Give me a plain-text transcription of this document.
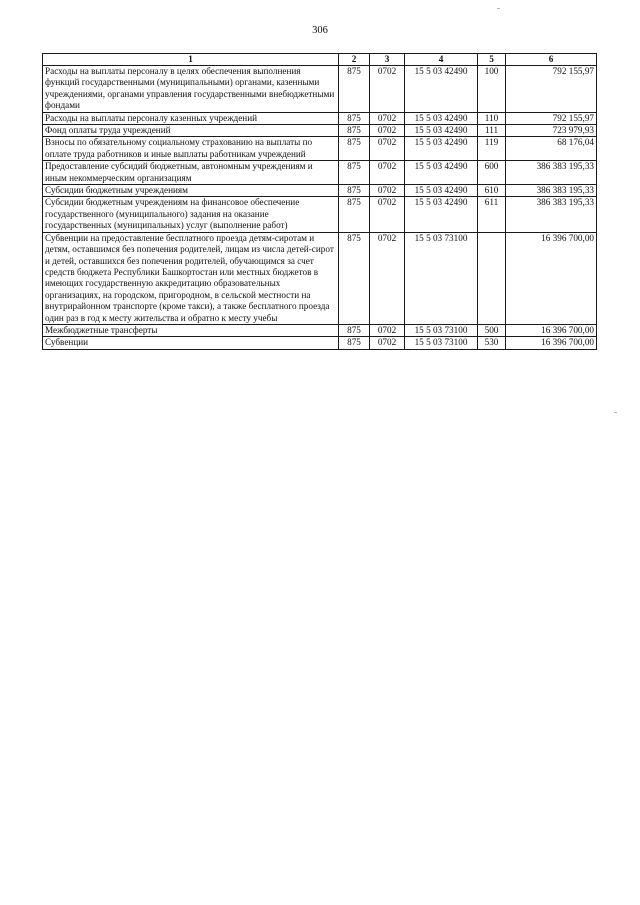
306
1	2	3	4	5	6
Расходы на выплаты персоналу в целях обеспечения выполнения функций государственными (муниципальными) органами, казенными учреждениями, органами управления государственными внебюджетными фондами	875	0702	15 5 03 42490	100	792 155,97
Расходы на выплаты персоналу казенных учреждений	875	0702	15 5 03 42490	110	792 155,97
Фонд оплаты труда учреждений	875	0702	15 5 03 42490	111	723 979,93
Взносы по обязательному социальному страхованию на выплаты по оплате труда работников и иные выплаты работникам учреждений	875	0702	15 5 03 42490	119	68 176,04
Предоставление субсидий бюджетным, автономным учреждениям и иным некоммерческим организациям	875	0702	15 5 03 42490	600	386 383 195,33
Субсидии бюджетным учреждениям	875	0702	15 5 03 42490	610	386 383 195,33
Субсидии бюджетным учреждениям на финансовое обеспечение государственного (муниципального) задания на оказание государственных (муниципальных) услуг (выполнение работ)	875	0702	15 5 03 42490	611	386 383 195,33
Субвенции на предоставление бесплатного проезда детям-сиротам и детям, оставшимся без попечения родителей, лицам из числа детей-сирот и детей, оставшихся без попечения родителей, обучающимся за счет средств бюджета Республики Башкортостан или местных бюджетов в имеющих государственную аккредитацию образовательных организациях, на городском, пригородном, в сельской местности на внутрирайонном транспорте (кроме такси), а также бесплатного проезда один раз в год к месту жительства и обратно к месту учебы	875	0702	15 5 03 73100		16 396 700,00
Межбюджетные трансферты	875	0702	15 5 03 73100	500	16 396 700,00
Субвенции	875	0702	15 5 03 73100	530	16 396 700,00
